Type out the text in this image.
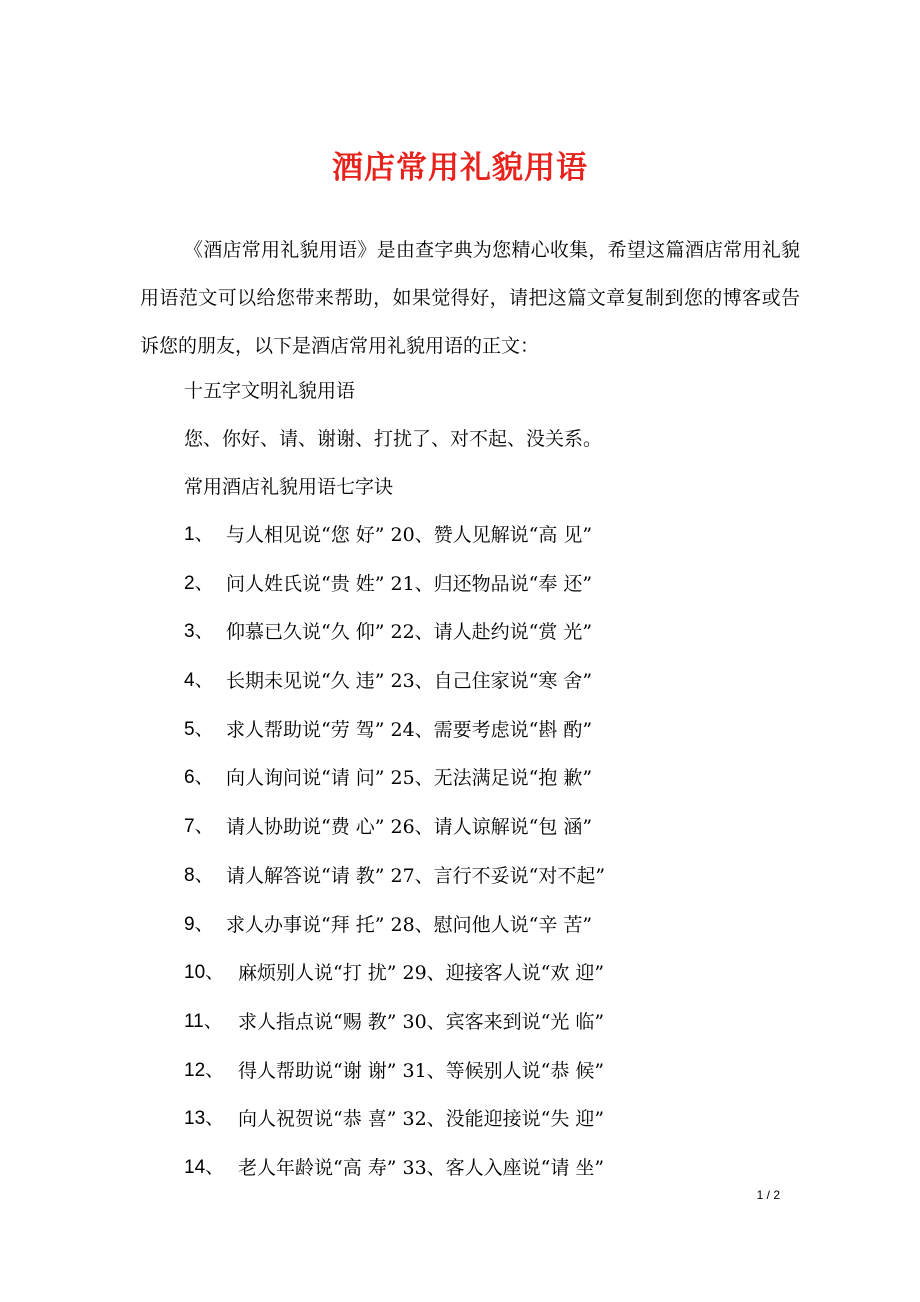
酒店常用礼貌用语
《酒店常用礼貌用语》是由查字典为您精心收集，希望这篇酒店常用礼貌用语范文可以给您带来帮助，如果觉得好，请把这篇文章复制到您的博客或告诉您的朋友，以下是酒店常用礼貌用语的正文：
十五字文明礼貌用语
您、你好、请、谢谢、打扰了、对不起、没关系。
常用酒店礼貌用语七字诀
1、 与人相见说“您 好” 20、赞人见解说“高 见”
2、 问人姓氏说“贵 姓” 21、归还物品说“奉 还”
3、 仰慕已久说“久 仰” 22、请人赴约说“赏 光”
4、 长期未见说“久 违” 23、自己住家说“寒 舍”
5、 求人帮助说“劳 驾” 24、需要考虑说“斟 酌”
6、 向人询问说“请 问” 25、无法满足说“抱 歉”
7、 请人协助说“费 心” 26、请人谅解说“包 涵”
8、 请人解答说“请 教” 27、言行不妥说“对不起”
9、 求人办事说“拜 托” 28、慰问他人说“辛 苦”
10、 麻烦别人说“打 扰” 29、迎接客人说“欢 迎”
11、 求人指点说“赐 教” 30、宾客来到说“光 临”
12、 得人帮助说“谢 谢” 31、等候别人说“恭 候”
13、 向人祝贺说“恭 喜” 32、没能迎接说“失 迎”
14、 老人年龄说“高 寿” 33、客人入座说“请 坐”
1 / 2
